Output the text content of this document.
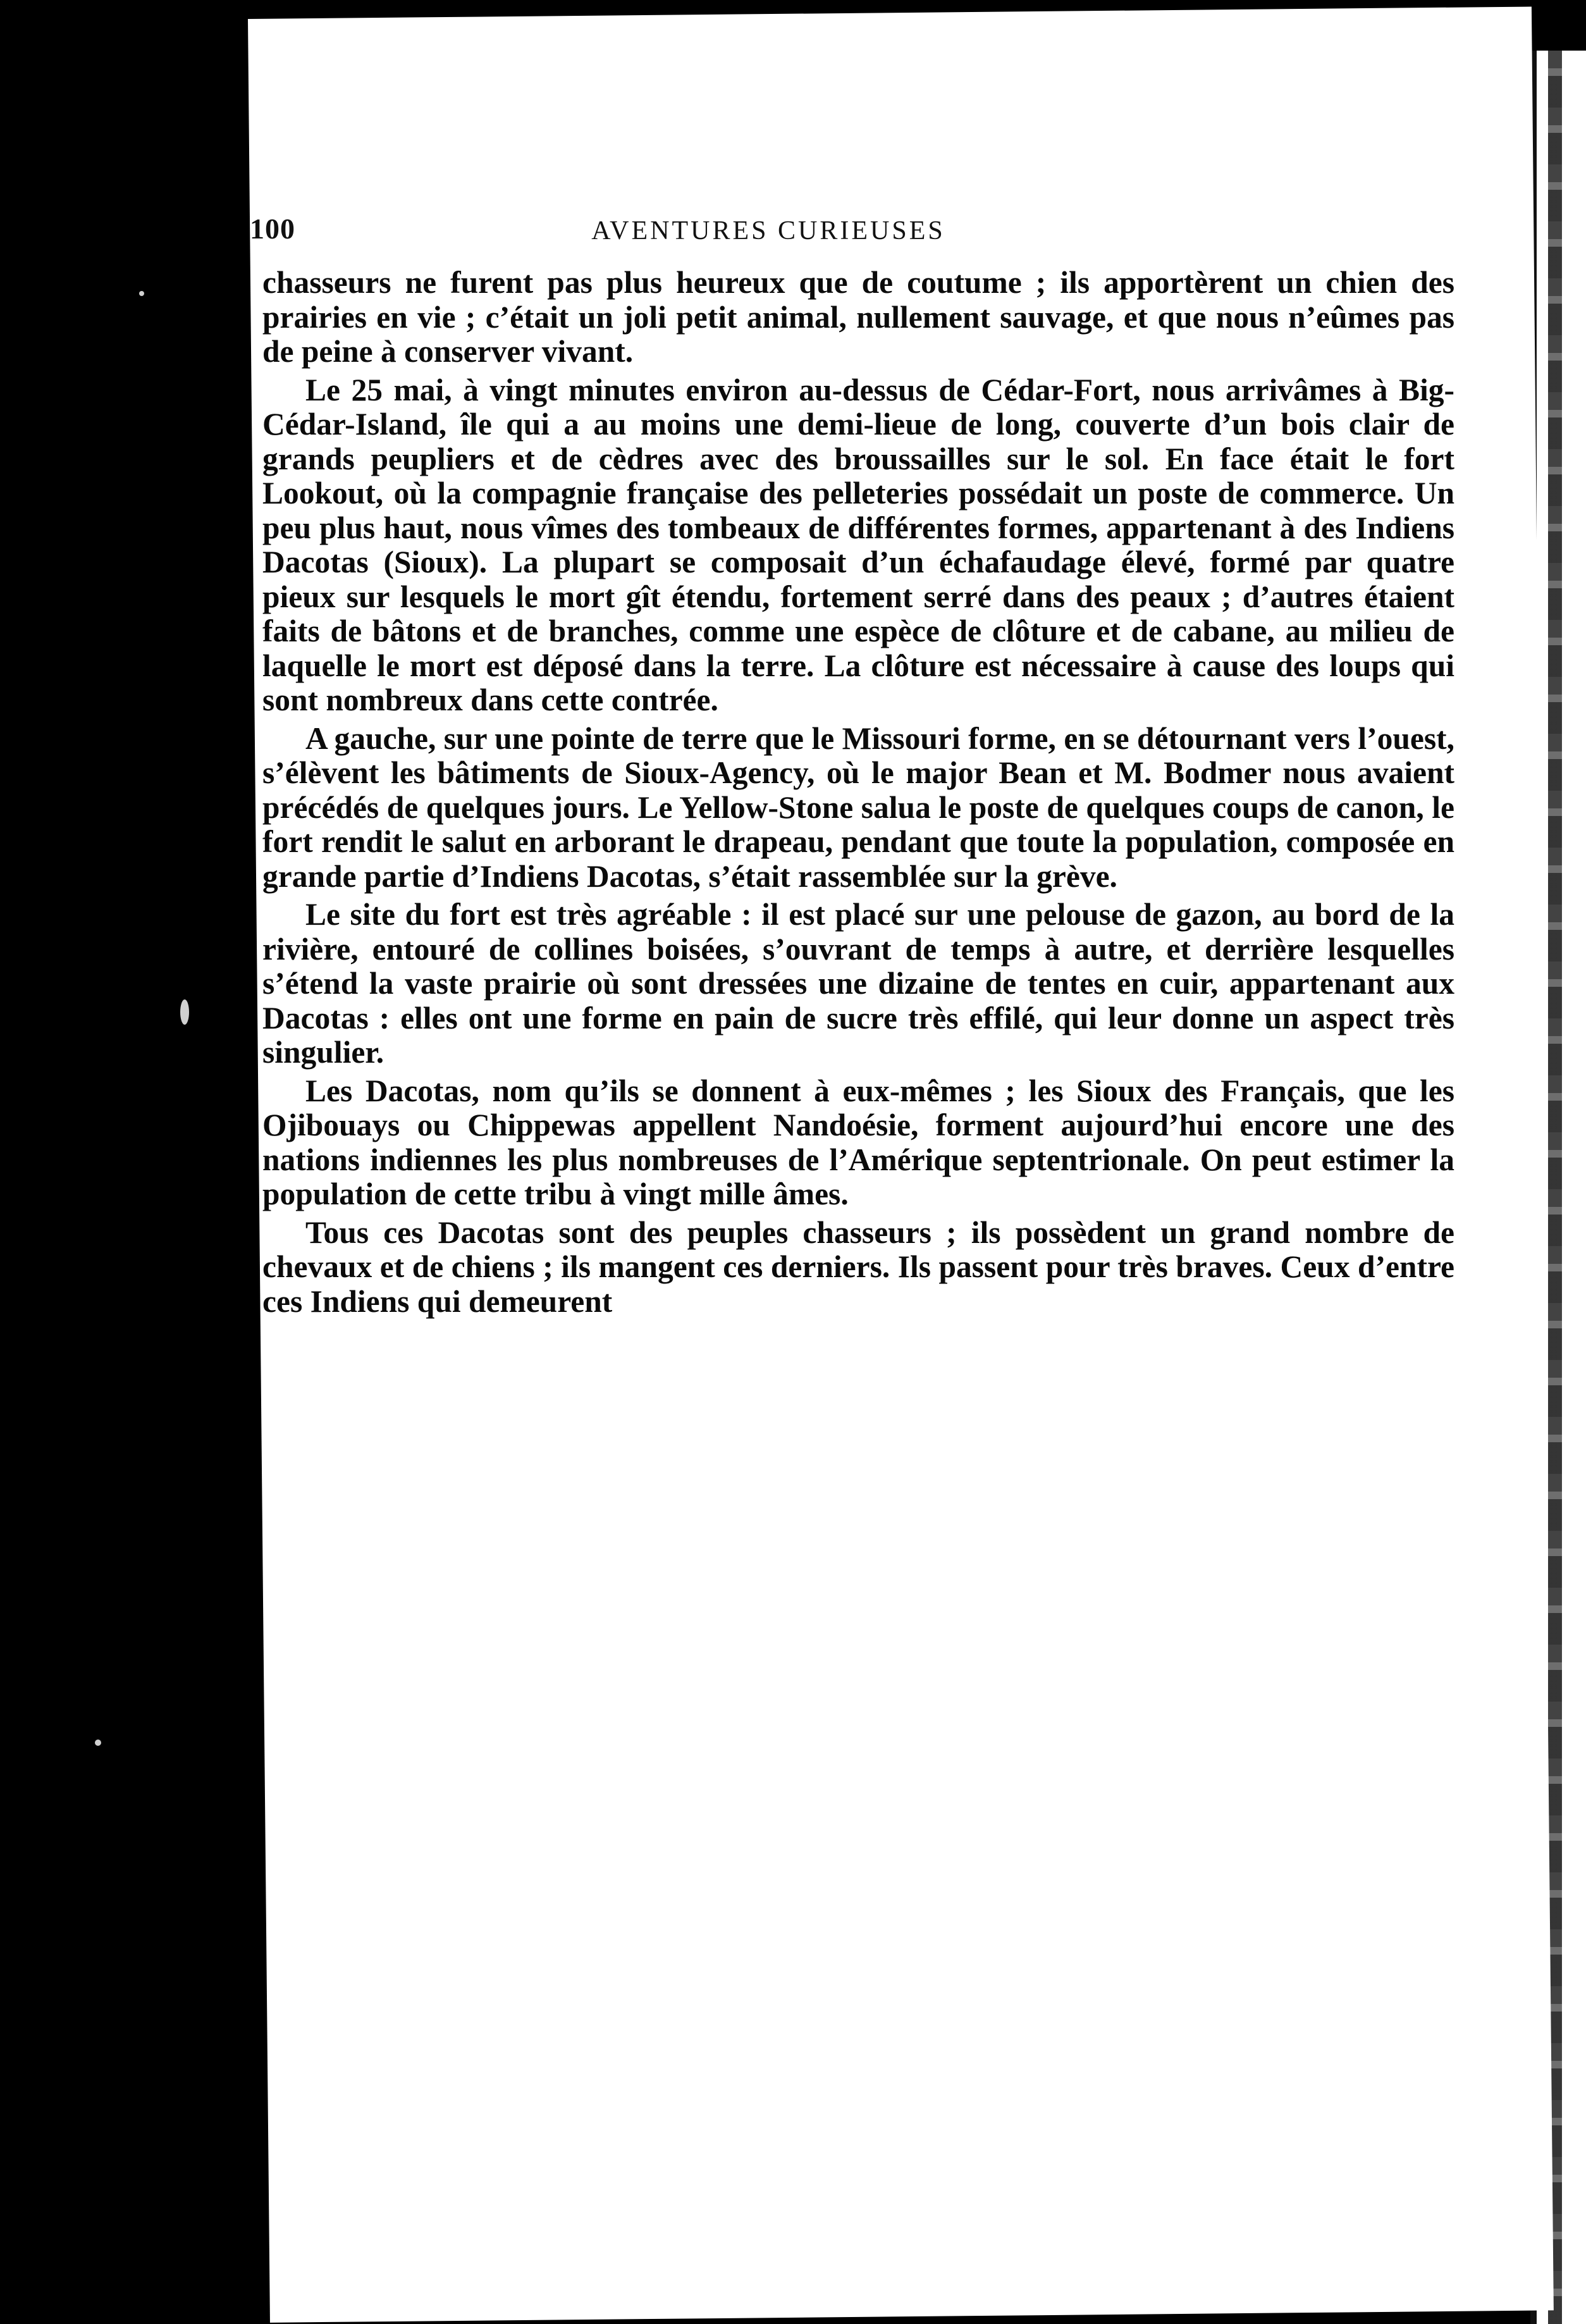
100	AVENTURES CURIEUSES

chasseurs ne furent pas plus heureux que de coutume ; ils apportèrent un chien des prairies en vie ; c’était un joli petit animal, nullement sauvage, et que nous n’eûmes pas de peine à conserver vivant.

Le 25 mai, à vingt minutes environ au-dessus de Cédar-Fort, nous arrivâmes à Big-Cédar-Island, île qui a au moins une demi-lieue de long, couverte d’un bois clair de grands peupliers et de cèdres avec des broussailles sur le sol. En face était le fort Lookout, où la compagnie française des pelleteries possédait un poste de commerce. Un peu plus haut, nous vîmes des tombeaux de différentes formes, appartenant à des Indiens Dacotas (Sioux). La plupart se composait d’un échafaudage élevé, formé par quatre pieux sur lesquels le mort gît étendu, fortement serré dans des peaux ; d’autres étaient faits de bâtons et de branches, comme une espèce de clôture et de cabane, au milieu de laquelle le mort est déposé dans la terre. La clôture est nécessaire à cause des loups qui sont nombreux dans cette contrée.

A gauche, sur une pointe de terre que le Missouri forme, en se détournant vers l’ouest, s’élèvent les bâtiments de Sioux-Agency, où le major Bean et M. Bodmer nous avaient précédés de quelques jours. Le Yellow-Stone salua le poste de quelques coups de canon, le fort rendit le salut en arborant le drapeau, pendant que toute la population, composée en grande partie d’Indiens Dacotas, s’était rassemblée sur la grève.

Le site du fort est très agréable : il est placé sur une pelouse de gazon, au bord de la rivière, entouré de collines boisées, s’ouvrant de temps à autre, et derrière lesquelles s’étend la vaste prairie où sont dressées une dizaine de tentes en cuir, appartenant aux Dacotas : elles ont une forme en pain de sucre très effilé, qui leur donne un aspect très singulier.

Les Dacotas, nom qu’ils se donnent à eux-mêmes ; les Sioux des Français, que les Ojibouays ou Chippewas appellent Nandoésie, forment aujourd’hui encore une des nations indiennes les plus nombreuses de l’Amérique septentrionale. On peut estimer la population de cette tribu à vingt mille âmes.

Tous ces Dacotas sont des peuples chasseurs ; ils possèdent un grand nombre de chevaux et de chiens ; ils mangent ces derniers. Ils passent pour très braves. Ceux d’entre ces Indiens qui demeurent
